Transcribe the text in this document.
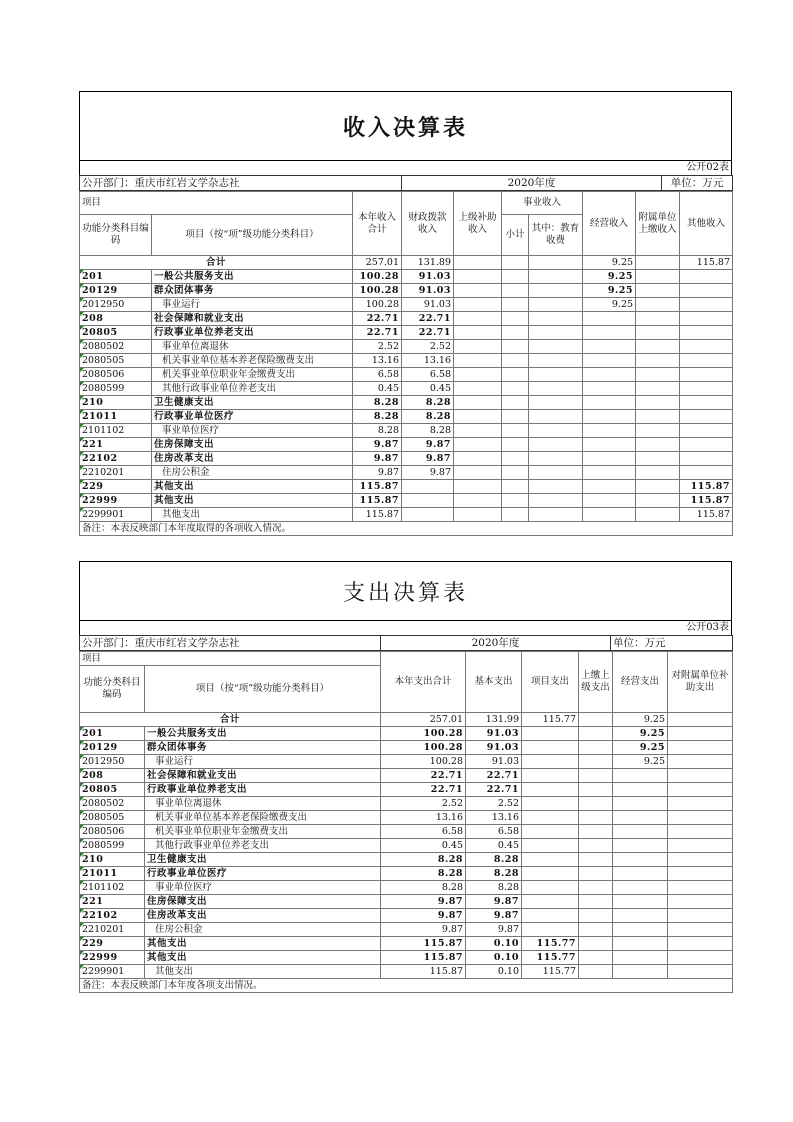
收入决算表
公开02表
公开部门：重庆市红岩文学杂志社	2020年度	单位：万元
项目		本年收入合计	财政拨款收入	上级补助收入	事业收入		经营收入	附属单位上缴收入	其他收入
功能分类科目编码	项目（按“项”级功能分类科目）				小计	其中：教育收费			

合计		257.01	131.89				9.25		115.87
201	一般公共服务支出	100.28	91.03				9.25		
20129	群众团体事务	100.28	91.03				9.25		
2012950	事业运行	100.28	91.03				9.25		
208	社会保障和就业支出	22.71	22.71						
20805	行政事业单位养老支出	22.71	22.71						
2080502	事业单位离退休	2.52	2.52						
2080505	机关事业单位基本养老保险缴费支出	13.16	13.16						
2080506	机关事业单位职业年金缴费支出	6.58	6.58						
2080599	其他行政事业单位养老支出	0.45	0.45						
210	卫生健康支出	8.28	8.28						
21011	行政事业单位医疗	8.28	8.28						
2101102	事业单位医疗	8.28	8.28						
221	住房保障支出	9.87	9.87						
22102	住房改革支出	9.87	9.87						
2210201	住房公积金	9.87	9.87						
229	其他支出	115.87							115.87
22999	其他支出	115.87							115.87
2299901	其他支出	115.87							115.87
备注：本表反映部门本年度取得的各项收入情况。									
支出决算表
公开03表
公开部门：重庆市红岩文学杂志社	2020年度	单位：万元
项目		本年支出合计	基本支出	项目支出	上缴上级支出	经营支出	对附属单位补助支出
功能分类科目编码	项目（按“项”级功能分类科目）						
合计		257.01	131.99	115.77		9.25	
201	一般公共服务支出	100.28	91.03			9.25	
20129	群众团体事务	100.28	91.03			9.25	
2012950	事业运行	100.28	91.03			9.25	
208	社会保障和就业支出	22.71	22.71				
20805	行政事业单位养老支出	22.71	22.71				
2080502	事业单位离退休	2.52	2.52				
2080505	机关事业单位基本养老保险缴费支出	13.16	13.16				
2080506	机关事业单位职业年金缴费支出	6.58	6.58				
2080599	其他行政事业单位养老支出	0.45	0.45				
210	卫生健康支出	8.28	8.28				
21011	行政事业单位医疗	8.28	8.28				
2101102	事业单位医疗	8.28	8.28				
221	住房保障支出	9.87	9.87				
22102	住房改革支出	9.87	9.87				
2210201	住房公积金	9.87	9.87				
229	其他支出	115.87	0.10	115.77			
22999	其他支出	115.87	0.10	115.77			
2299901	其他支出	115.87	0.10	115.77			
备注：本表反映部门本年度各项支出情况。							
